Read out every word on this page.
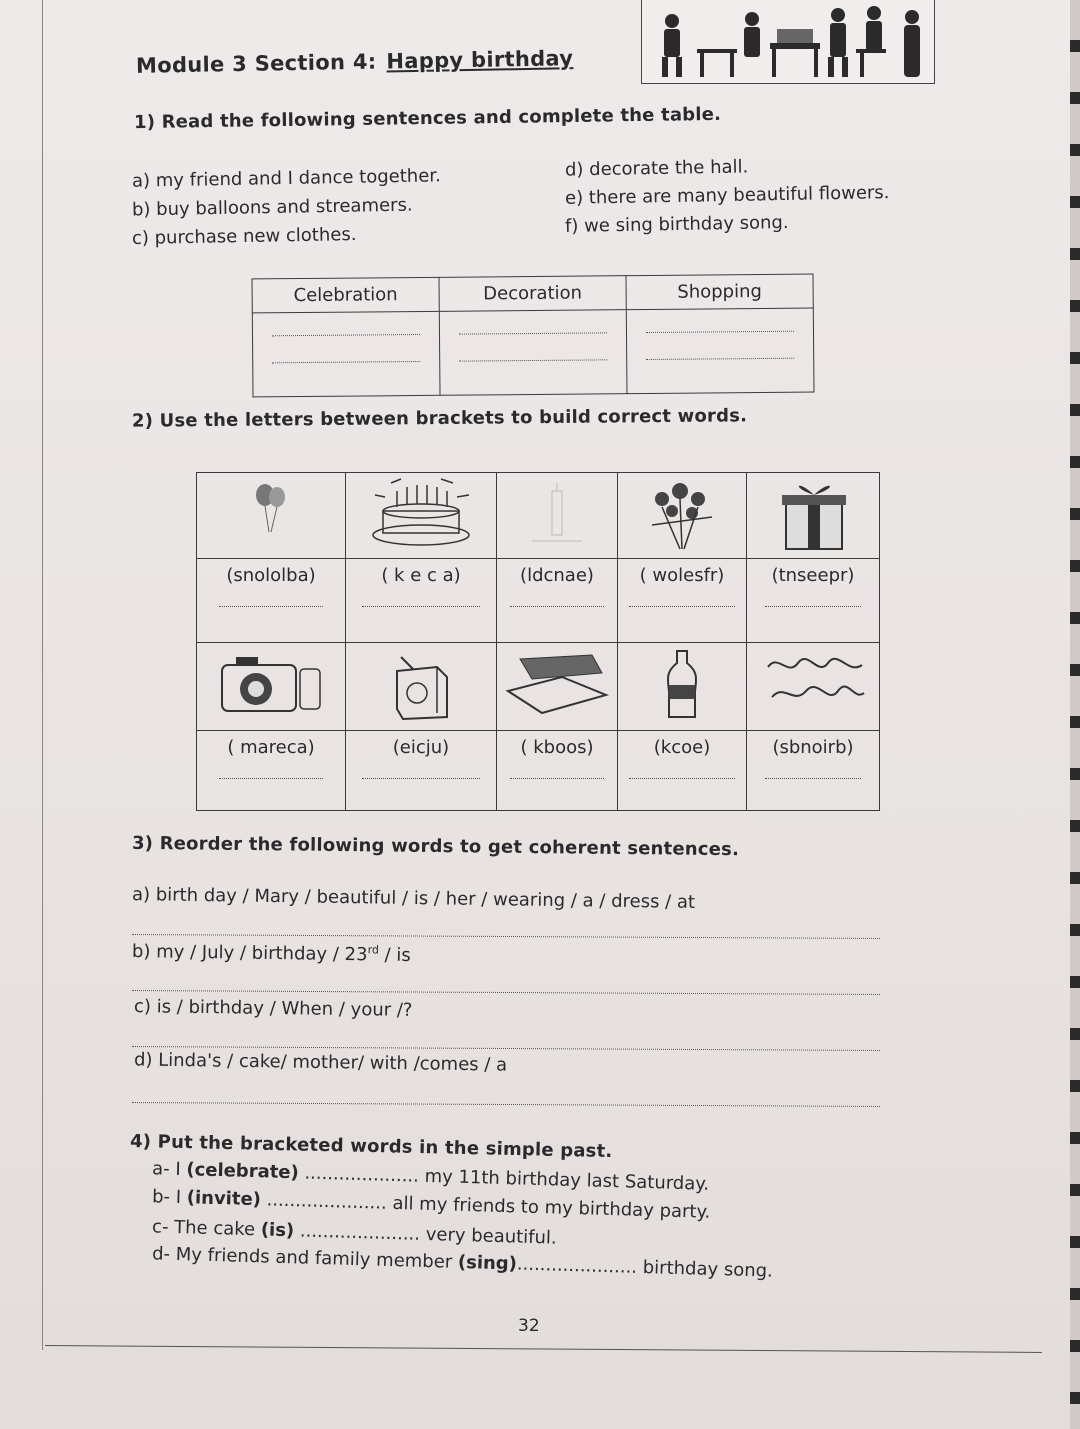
Module 3 Section 4: Happy birthday
1) Read the following sentences and complete the table.
a) my friend and I dance together.
b) buy balloons and streamers.
c) purchase new clothes.
d) decorate the hall.
e) there are many beautiful flowers.
f) we sing birthday song.
Celebration	Decoration	Shopping

2) Use the letters between brackets to build correct words.

(snololba)	( k e c a)	(ldcnae)	( wolesfr)	(tnseepr)

( mareca)	(eicju)	( kboos)	(kcoe)	(sbnoirb)
3) Reorder the following words to get coherent sentences.
a) birth day / Mary / beautiful / is / her / wearing / a / dress / at
b) my / July / birthday / 23rd / is
c) is / birthday / When / your /?
d) Linda's / cake/ mother/ with /comes / a
4) Put the bracketed words in the simple past.
a- I (celebrate) .................... my 11th birthday last Saturday.
b- I (invite) ..................... all my friends to my birthday party.
c- The cake (is) ..................... very beautiful.
d- My friends and family member (sing)..................... birthday song.
32
